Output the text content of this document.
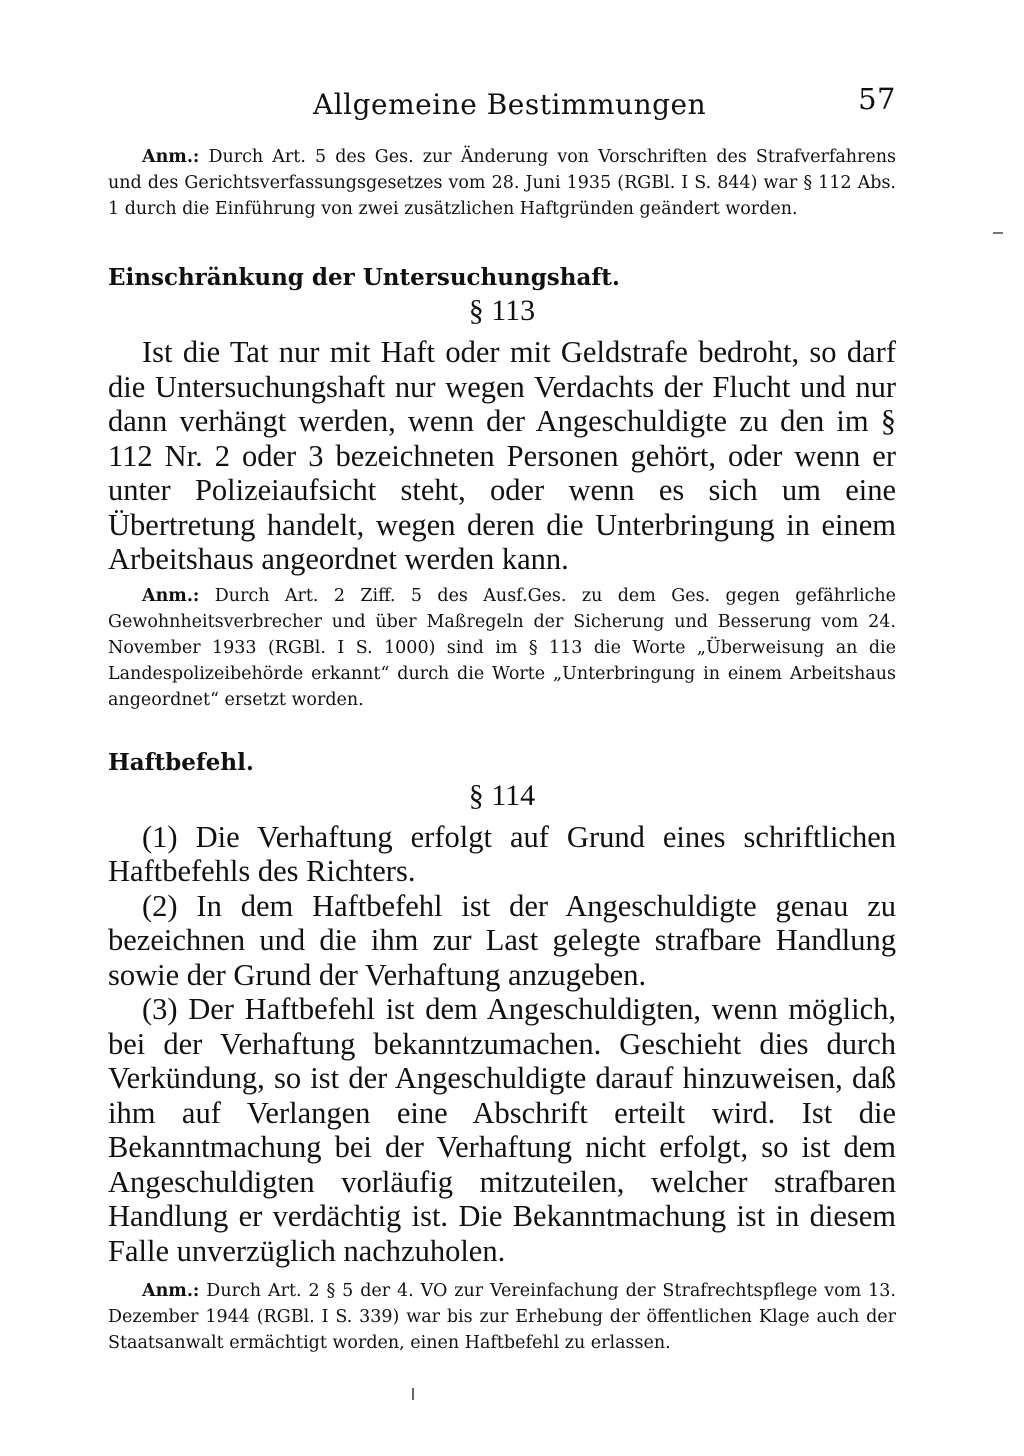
Allgemeine Bestimmungen	57

Anm.: Durch Art. 5 des Ges. zur Änderung von Vorschriften des Strafverfahrens und des Gerichtsverfassungsgesetzes vom 28. Juni 1935 (RGBl. I S. 844) war § 112 Abs. 1 durch die Einführung von zwei zusätzlichen Haftgründen geändert worden.

Einschränkung der Untersuchungshaft.
§ 113

Ist die Tat nur mit Haft oder mit Geldstrafe bedroht, so darf die Untersuchungshaft nur wegen Verdachts der Flucht und nur dann verhängt werden, wenn der Angeschuldigte zu den im § 112 Nr. 2 oder 3 bezeichneten Personen gehört, oder wenn er unter Polizeiaufsicht steht, oder wenn es sich um eine Übertretung handelt, wegen deren die Unterbringung in einem Arbeitshaus angeordnet werden kann.

Anm.: Durch Art. 2 Ziff. 5 des Ausf.Ges. zu dem Ges. gegen gefährliche Gewohnheitsverbrecher und über Maßregeln der Sicherung und Besserung vom 24. November 1933 (RGBl. I S. 1000) sind im § 113 die Worte „Überweisung an die Landespolizeibehörde erkannt“ durch die Worte „Unterbringung in einem Arbeitshaus angeordnet“ ersetzt worden.

Haftbefehl.
§ 114

(1) Die Verhaftung erfolgt auf Grund eines schriftlichen Haftbefehls des Richters.

(2) In dem Haftbefehl ist der Angeschuldigte genau zu bezeichnen und die ihm zur Last gelegte strafbare Handlung sowie der Grund der Verhaftung anzugeben.

(3) Der Haftbefehl ist dem Angeschuldigten, wenn möglich, bei der Verhaftung bekanntzumachen. Geschieht dies durch Verkündung, so ist der Angeschuldigte darauf hinzuweisen, daß ihm auf Verlangen eine Abschrift erteilt wird. Ist die Bekanntmachung bei der Verhaftung nicht erfolgt, so ist dem Angeschuldigten vorläufig mitzuteilen, welcher strafbaren Handlung er verdächtig ist. Die Bekanntmachung ist in diesem Falle unverzüglich nachzuholen.

Anm.: Durch Art. 2 § 5 der 4. VO zur Vereinfachung der Strafrechtspflege vom 13. Dezember 1944 (RGBl. I S. 339) war bis zur Erhebung der öffentlichen Klage auch der Staatsanwalt ermächtigt worden, einen Haftbefehl zu erlassen.
